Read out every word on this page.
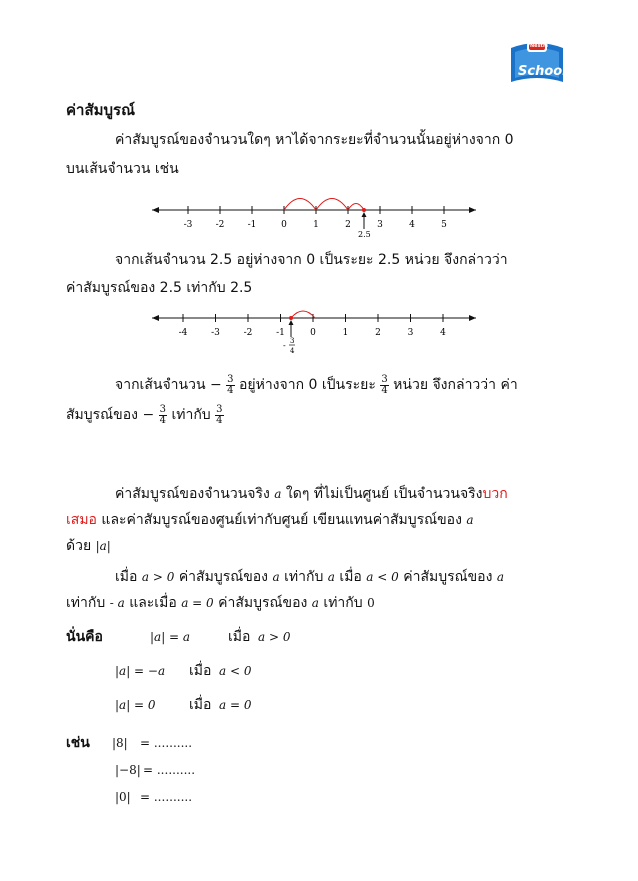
Nestlé
School
ค่าสัมบูรณ์
ค่าสัมบูรณ์ของจำนวนใดๆ หาได้จากระยะที่จำนวนนั้นอยู่ห่างจาก 0
บนเส้นจำนวน เช่น
-3	-2	-1	0	1	2	3	4	5
2.5
จากเส้นจำนวน 2.5 อยู่ห่างจาก 0 เป็นระยะ 2.5 หน่วย จึงกล่าวว่า
ค่าสัมบูรณ์ของ 2.5 เท่ากับ 2.5
-4	-3	-2	-1	0	1	2	3	4
- 3
4
จากเส้นจำนวน − $\frac{3}{4}$ อยู่ห่างจาก 0 เป็นระยะ $\frac{3}{4}$ หน่วย จึงกล่าวว่า ค่า
สัมบูรณ์ของ − $\frac{3}{4}$ เท่ากับ $\frac{3}{4}$
ค่าสัมบูรณ์ของจำนวนจริง a ใดๆ ที่ไม่เป็นศูนย์ เป็นจำนวนจริงบวก
เสมอ และค่าสัมบูรณ์ของศูนย์เท่ากับศูนย์ เขียนแทนค่าสัมบูรณ์ของ a
ด้วย |a|
เมื่อ a > 0 ค่าสัมบูรณ์ของ a เท่ากับ a เมื่อ a < 0 ค่าสัมบูรณ์ของ a
เท่ากับ - a และเมื่อ a = 0 ค่าสัมบูรณ์ของ a เท่ากับ 0
นั่นคือ	|a| = a	เมื่อ a > 0
|a| = −a เมื่อ a < 0
|a| = 0 เมื่อ a = 0
เช่น |8| = ..........
|−8| = ..........
|0| = ..........
